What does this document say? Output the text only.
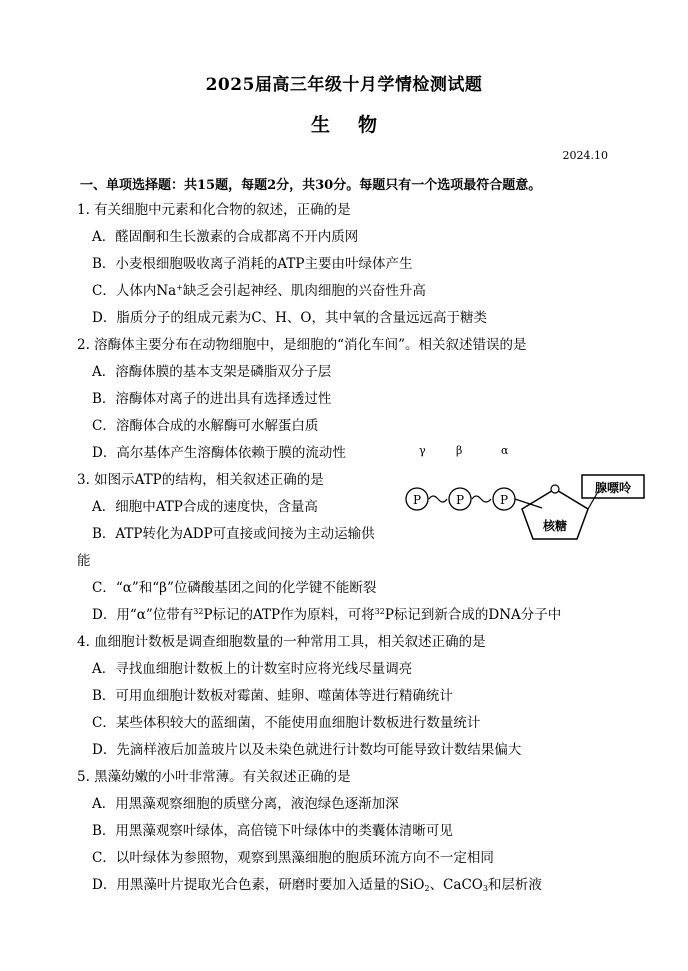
2025届高三年级十月学情检测试题
生物
2024.10
一、单项选择题：共15题，每题2分，共30分。每题只有一个选项最符合题意。
1. 有关细胞中元素和化合物的叙述，正确的是
A．醛固酮和生长激素的合成都离不开内质网
B．小麦根细胞吸收离子消耗的ATP主要由叶绿体产生
C．人体内Na+缺乏会引起神经、肌肉细胞的兴奋性升高
D．脂质分子的组成元素为C、H、O，其中氧的含量远远高于糖类
2. 溶酶体主要分布在动物细胞中，是细胞的“消化车间”。相关叙述错误的是
A．溶酶体膜的基本支架是磷脂双分子层
B．溶酶体对离子的进出具有选择透过性
C．溶酶体合成的水解酶可水解蛋白质
D．高尔基体产生溶酶体依赖于膜的流动性
3. 如图示ATP的结构，相关叙述正确的是
A．细胞中ATP合成的速度快，含量高
B．ATP转化为ADP可直接或间接为主动运输供
能
C．“α”和“β”位磷酸基团之间的化学键不能断裂
D．用“α”位带有$^{32}$P标记的ATP作为原料，可将$^{32}$P标记到新合成的DNA分子中
γ	β	α
P	P	P
核糖
腺嘌呤
4. 血细胞计数板是调查细胞数量的一种常用工具，相关叙述正确的是
A．寻找血细胞计数板上的计数室时应将光线尽量调亮
B．可用血细胞计数板对霉菌、蛙卵、噬菌体等进行精确统计
C．某些体积较大的蓝细菌，不能使用血细胞计数板进行数量统计
D．先滴样液后加盖玻片以及未染色就进行计数均可能导致计数结果偏大
5. 黑藻幼嫩的小叶非常薄。有关叙述正确的是
A．用黑藻观察细胞的质壁分离，液泡绿色逐渐加深
B．用黑藻观察叶绿体，高倍镜下叶绿体中的类囊体清晰可见
C．以叶绿体为参照物，观察到黑藻细胞的胞质环流方向不一定相同
D．用黑藻叶片提取光合色素，研磨时要加入适量的SiO$_2$、CaCO$_3$和层析液
